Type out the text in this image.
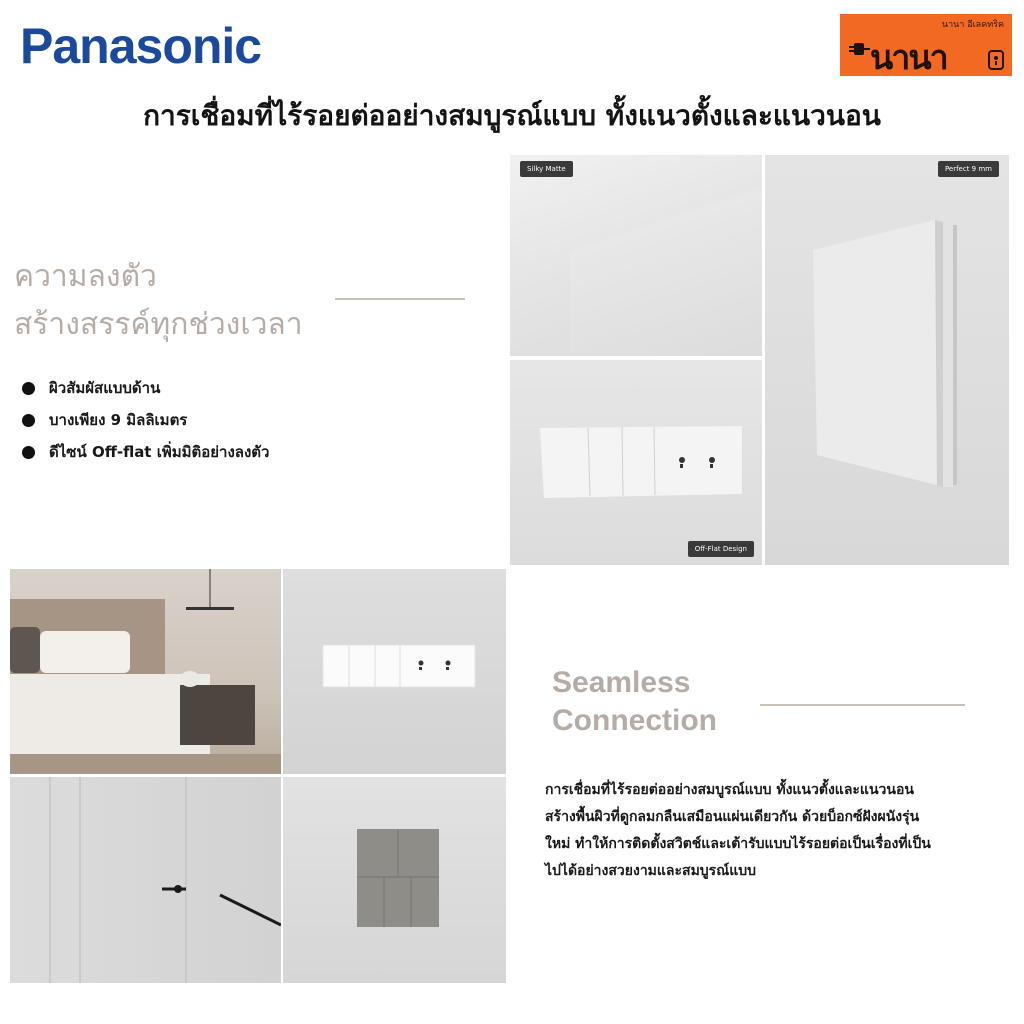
Panasonic	นานา อีเลคทริค
นานา
การเชื่อมที่ไร้รอยต่ออย่างสมบูรณ์แบบ ทั้งแนวตั้งและแนวนอน
ความลงตัว
สร้างสรรค์ทุกช่วงเวลา
ผิวสัมผัสแบบด้าน
บางเพียง 9 มิลลิเมตร
ดีไซน์ Off-flat เพิ่มมิติอย่างลงตัว
Silky Matte	Perfect 9 mm
Off-Flat Design
Seamless
Connection
การเชื่อมที่ไร้รอยต่ออย่างสมบูรณ์แบบ ทั้งแนวตั้งและแนวนอน
สร้างพื้นผิวที่ดูกลมกลืนเสมือนแผ่นเดียวกัน ด้วยบ็อกซ์ฝังผนังรุ่น
ใหม่ ทำให้การติดตั้งสวิตช์และเต้ารับแบบไร้รอยต่อเป็นเรื่องที่เป็น
ไปได้อย่างสวยงามและสมบูรณ์แบบ
